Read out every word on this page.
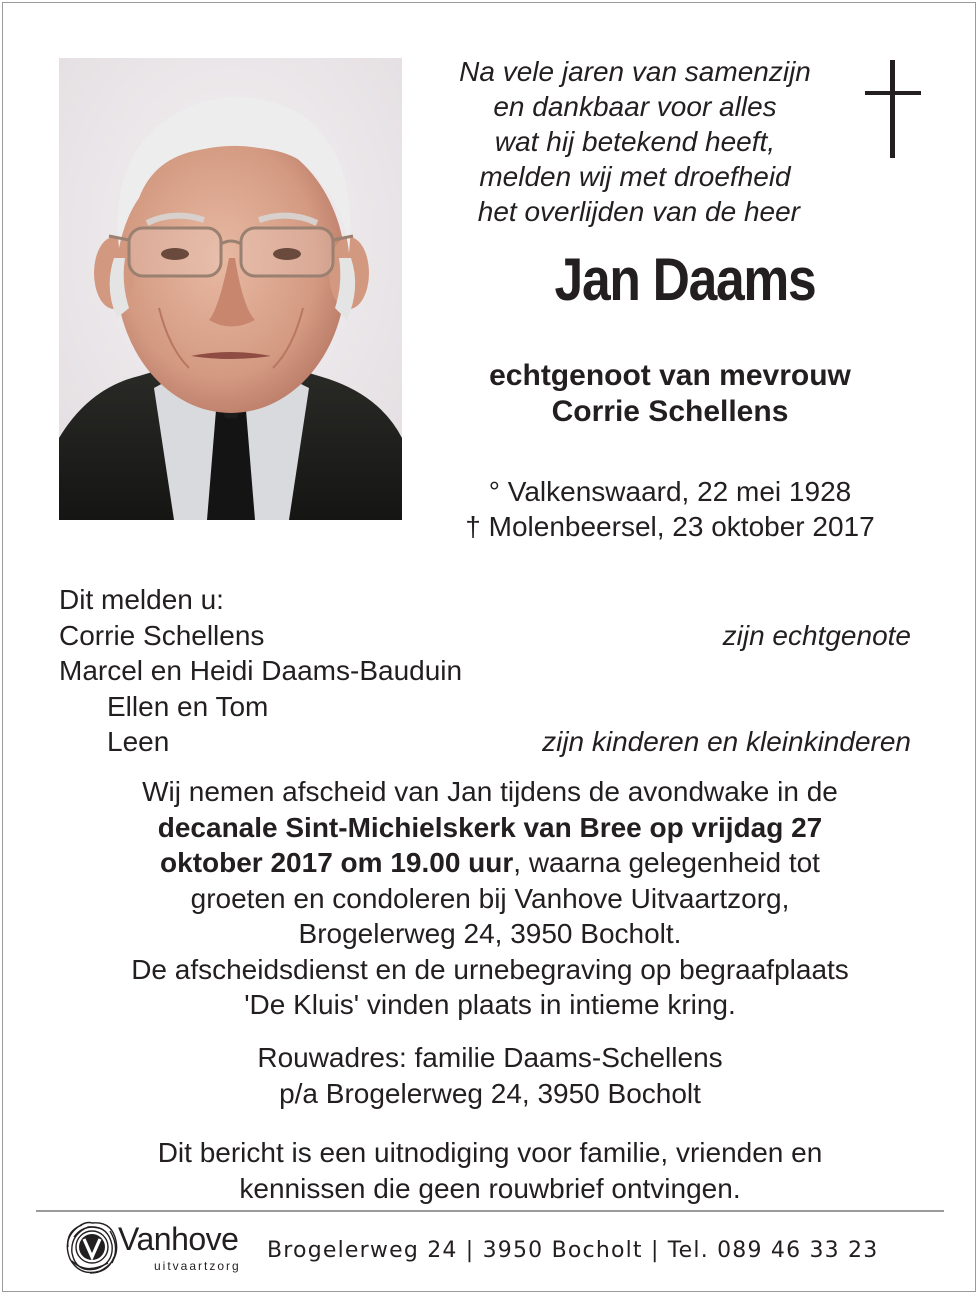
Na vele jaren van samenzijn
en dankbaar voor alles
wat hij betekend heeft,
melden wij met droefheid
het overlijden van de heer
Jan Daams
echtgenoot van mevrouw
Corrie Schellens
° Valkenswaard, 22 mei 1928
† Molenbeersel, 23 oktober 2017
Dit melden u:
Corrie Schellens	zijn echtgenote
Marcel en Heidi Daams-Bauduin
Ellen en Tom
Leen	zijn kinderen en kleinkinderen
Wij nemen afscheid van Jan tijdens de avondwake in de
decanale Sint-Michielskerk van Bree op vrijdag 27
oktober 2017 om 19.00 uur, waarna gelegenheid tot
groeten en condoleren bij Vanhove Uitvaartzorg,
Brogelerweg 24, 3950 Bocholt.
De afscheidsdienst en de urnebegraving op begraafplaats
'De Kluis' vinden plaats in intieme kring.
Rouwadres: familie Daams-Schellens
p/a Brogelerweg 24, 3950 Bocholt
Dit bericht is een uitnodiging voor familie, vrienden en
kennissen die geen rouwbrief ontvingen.
Vanhove
uitvaartzorg
Brogelerweg 24 | 3950 Bocholt | Tel. 089 46 33 23
